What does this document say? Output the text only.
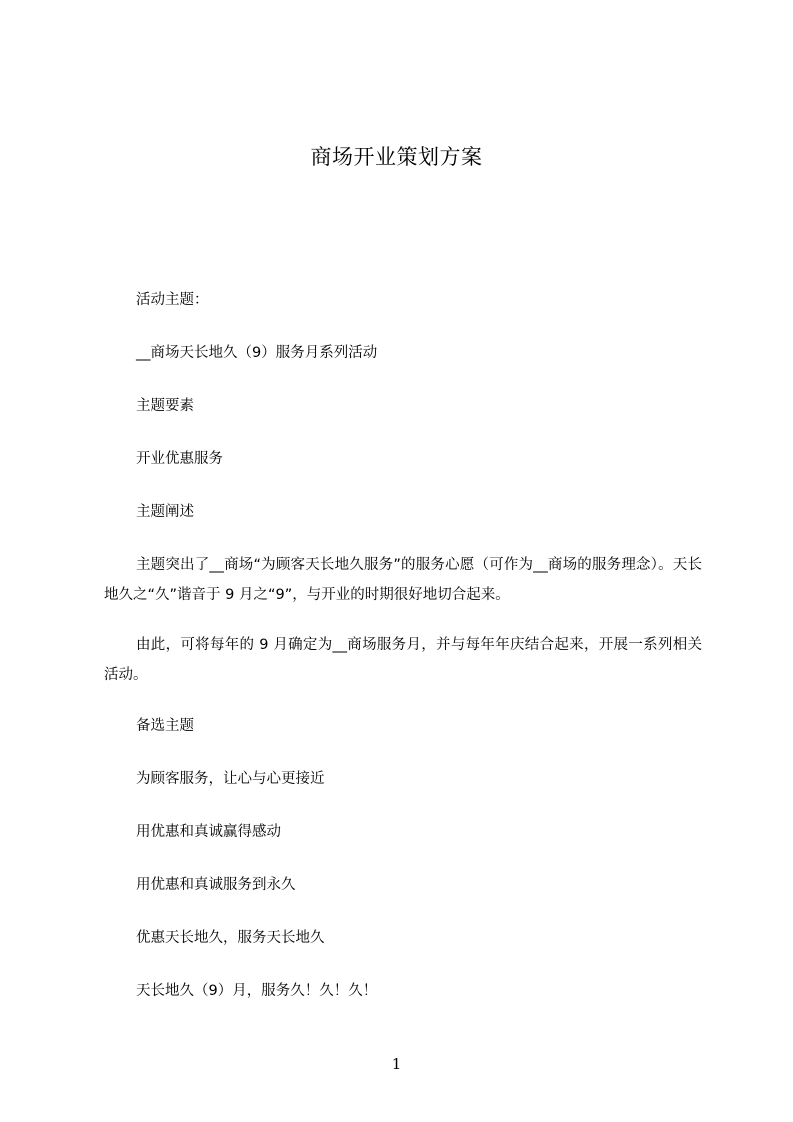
商场开业策划方案

活动主题：

__商场天长地久（9）服务月系列活动

主题要素

开业优惠服务

主题阐述

主题突出了__商场“为顾客天长地久服务”的服务心愿（可作为__商场的服务理念）。天长地久之“久”谐音于 9 月之“9”，与开业的时期很好地切合起来。

由此，可将每年的 9 月确定为__商场服务月，并与每年年庆结合起来，开展一系列相关活动。

备选主题

为顾客服务，让心与心更接近

用优惠和真诚赢得感动

用优惠和真诚服务到永久

优惠天长地久，服务天长地久

天长地久（9）月，服务久！久！久！

1
